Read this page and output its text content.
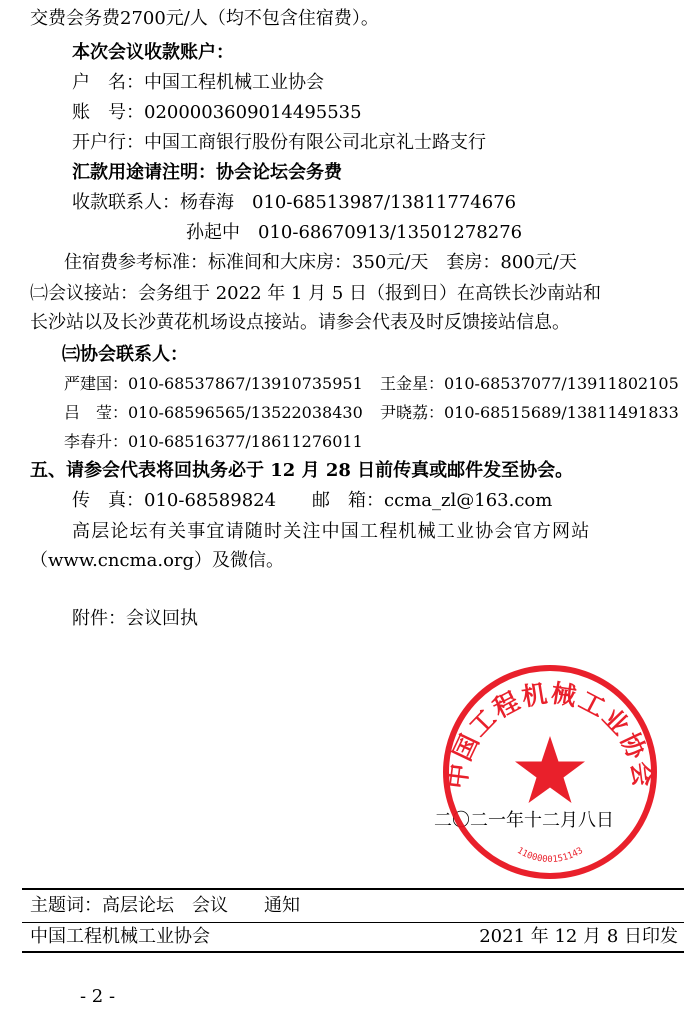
交费会务费2700元/人（均不包含住宿费）。
本次会议收款账户：
户　名：中国工程机械工业协会
账　号：0200003609014495535
开户行：中国工商银行股份有限公司北京礼士路支行
汇款用途请注明：协会论坛会务费
收款联系人：杨春海　010-68513987/13811774676
孙起中　010-68670913/13501278276
住宿费参考标准：标准间和大床房：350元/天　套房：800元/天
㈡会议接站：会务组于 2022 年 1 月 5 日（报到日）在高铁长沙南站和
长沙站以及长沙黄花机场设点接站。请参会代表及时反馈接站信息。
㈢协会联系人：
严建国：010-68537867/13910735951 王金星：010-68537077/13911802105
吕　莹：010-68596565/13522038430 尹晓荔：010-68515689/13811491833
李春升：010-68516377/18611276011
五、请参会代表将回执务必于 12 月 28 日前传真或邮件发至协会。
传　真：010-68589824　　邮　箱：ccma_zl@163.com
高层论坛有关事宜请随时关注中国工程机械工业协会官方网站
（www.cncma.org）及微信。
附件：会议回执
二〇二一年十二月八日
中国工程机械工业协会
1100000151143
主题词：高层论坛　会议　　通知
中国工程机械工业协会	2021 年 12 月 8 日印发
- 2 -
